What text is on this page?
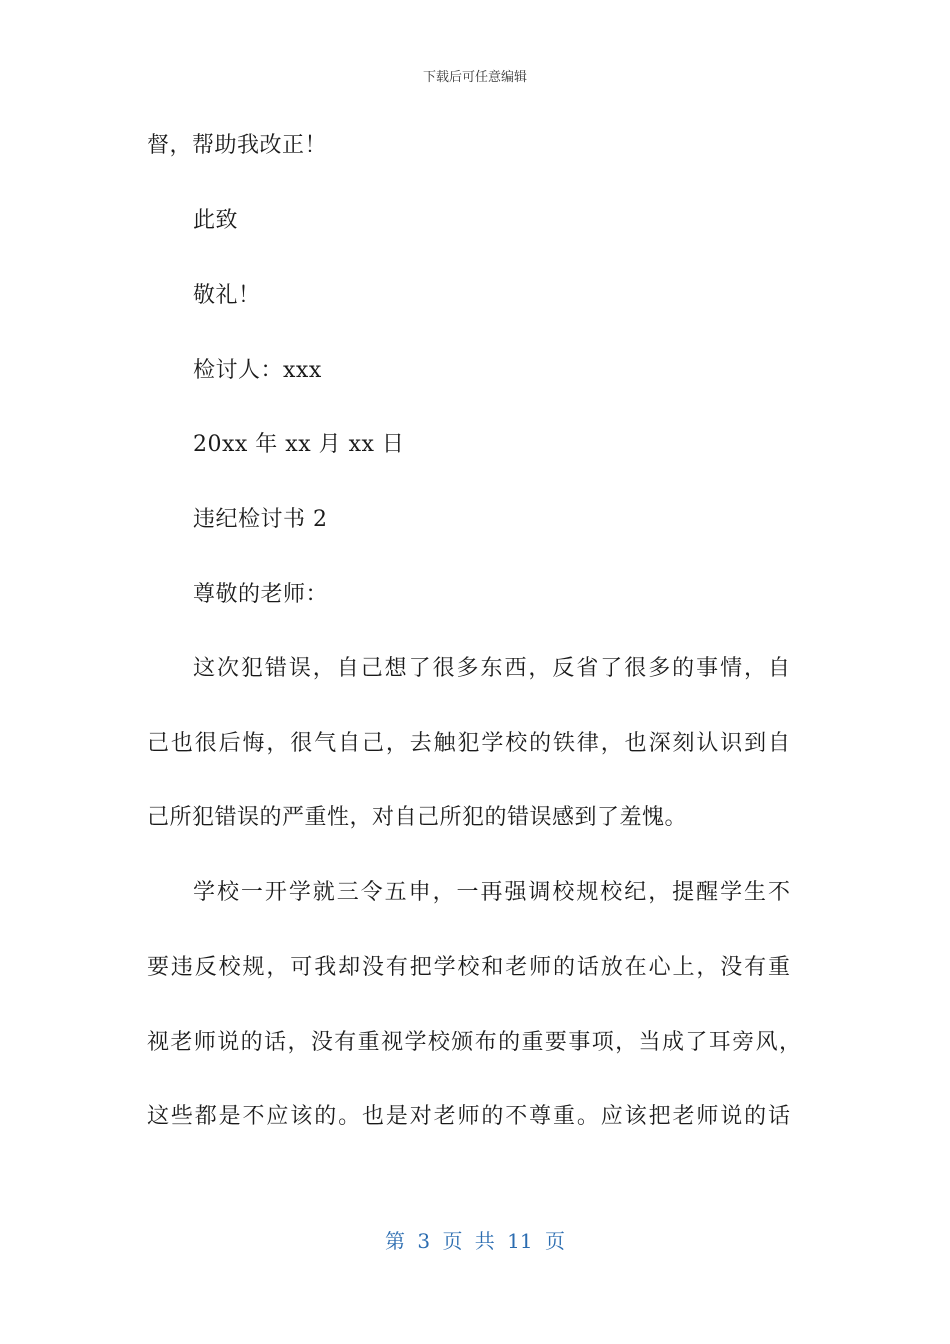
下载后可任意编辑
督，帮助我改正！
此致
敬礼！
检讨人：xxx
20xx 年 xx 月 xx 日
违纪检讨书 2
尊敬的老师：
这次犯错误，自己想了很多东西，反省了很多的事情，自
己也很后悔，很气自己，去触犯学校的铁律，也深刻认识到自
己所犯错误的严重性，对自己所犯的错误感到了羞愧。
学校一开学就三令五申，一再强调校规校纪，提醒学生不
要违反校规，可我却没有把学校和老师的话放在心上，没有重
视老师说的话，没有重视学校颁布的重要事项，当成了耳旁风，
这些都是不应该的。也是对老师的不尊重。应该把老师说的话
第 3 页 共 11 页
